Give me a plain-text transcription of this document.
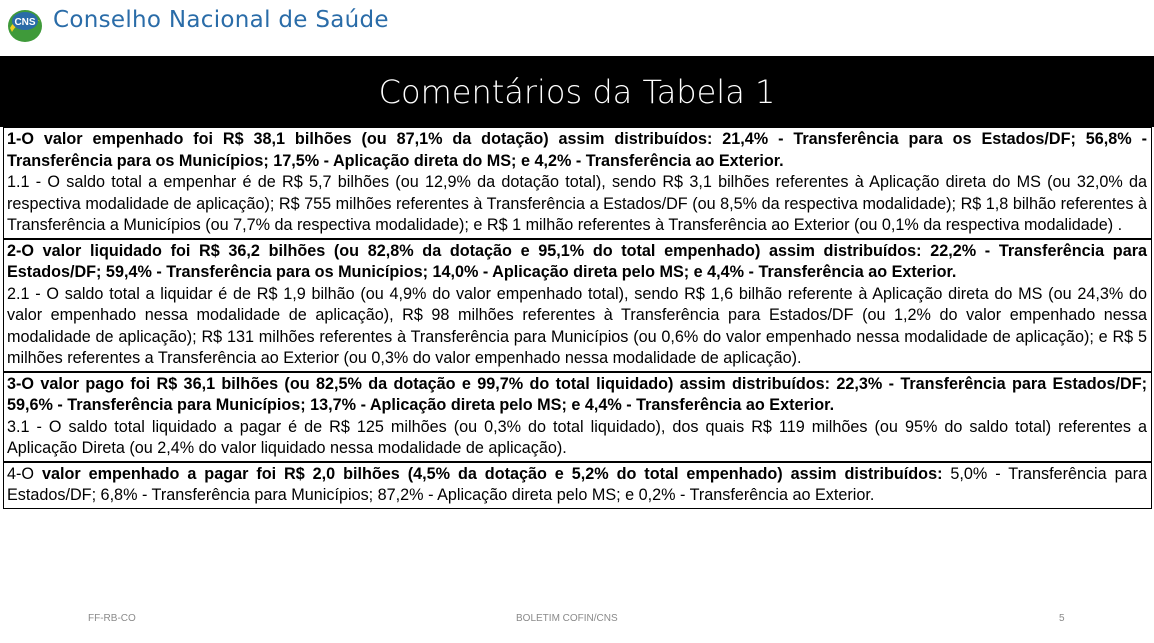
CNS Conselho Nacional de Saúde
Comentários da Tabela 1

1-O valor empenhado foi R$ 38,1 bilhões (ou 87,1% da dotação) assim distribuídos: 21,4% - Transferência para os Estados/DF; 56,8% - Transferência para os Municípios; 17,5% - Aplicação direta do MS; e 4,2% - Transferência ao Exterior.

1.1 - O saldo total a empenhar é de R$ 5,7 bilhões (ou 12,9% da dotação total), sendo R$ 3,1 bilhões referentes à Aplicação direta do MS (ou 32,0% da respectiva modalidade de aplicação); R$ 755 milhões referentes à Transferência a Estados/DF (ou 8,5% da respectiva modalidade); R$ 1,8 bilhão referentes à Transferência a Municípios (ou 7,7% da respectiva modalidade); e R$ 1 milhão referentes à Transferência ao Exterior (ou 0,1% da respectiva modalidade) .

2-O valor liquidado foi R$ 36,2 bilhões (ou 82,8% da dotação e 95,1% do total empenhado) assim distribuídos: 22,2% - Transferência para Estados/DF; 59,4% - Transferência para os Municípios; 14,0% - Aplicação direta pelo MS; e 4,4% - Transferência ao Exterior.

2.1 - O saldo total a liquidar é de R$ 1,9 bilhão (ou 4,9% do valor empenhado total), sendo R$ 1,6 bilhão referente à Aplicação direta do MS (ou 24,3% do valor empenhado nessa modalidade de aplicação), R$ 98 milhões referentes à Transferência para Estados/DF (ou 1,2% do valor empenhado nessa modalidade de aplicação); R$ 131 milhões referentes à Transferência para Municípios (ou 0,6% do valor empenhado nessa modalidade de aplicação); e R$ 5 milhões referentes a Transferência ao Exterior (ou 0,3% do valor empenhado nessa modalidade de aplicação).

3-O valor pago foi R$ 36,1 bilhões (ou 82,5% da dotação e 99,7% do total liquidado) assim distribuídos: 22,3% - Transferência para Estados/DF; 59,6% - Transferência para Municípios; 13,7% - Aplicação direta pelo MS; e 4,4% - Transferência ao Exterior.

3.1 - O saldo total liquidado a pagar é de R$ 125 milhões (ou 0,3% do total liquidado), dos quais R$ 119 milhões (ou 95% do saldo total) referentes a Aplicação Direta (ou 2,4% do valor liquidado nessa modalidade de aplicação).

4-O valor empenhado a pagar foi R$ 2,0 bilhões (4,5% da dotação e 5,2% do total empenhado) assim distribuídos: 5,0% - Transferência para Estados/DF; 6,8% - Transferência para Municípios; 87,2% - Aplicação direta pelo MS; e 0,2% - Transferência ao Exterior.

FF-RB-CO	BOLETIM COFIN/CNS	5
